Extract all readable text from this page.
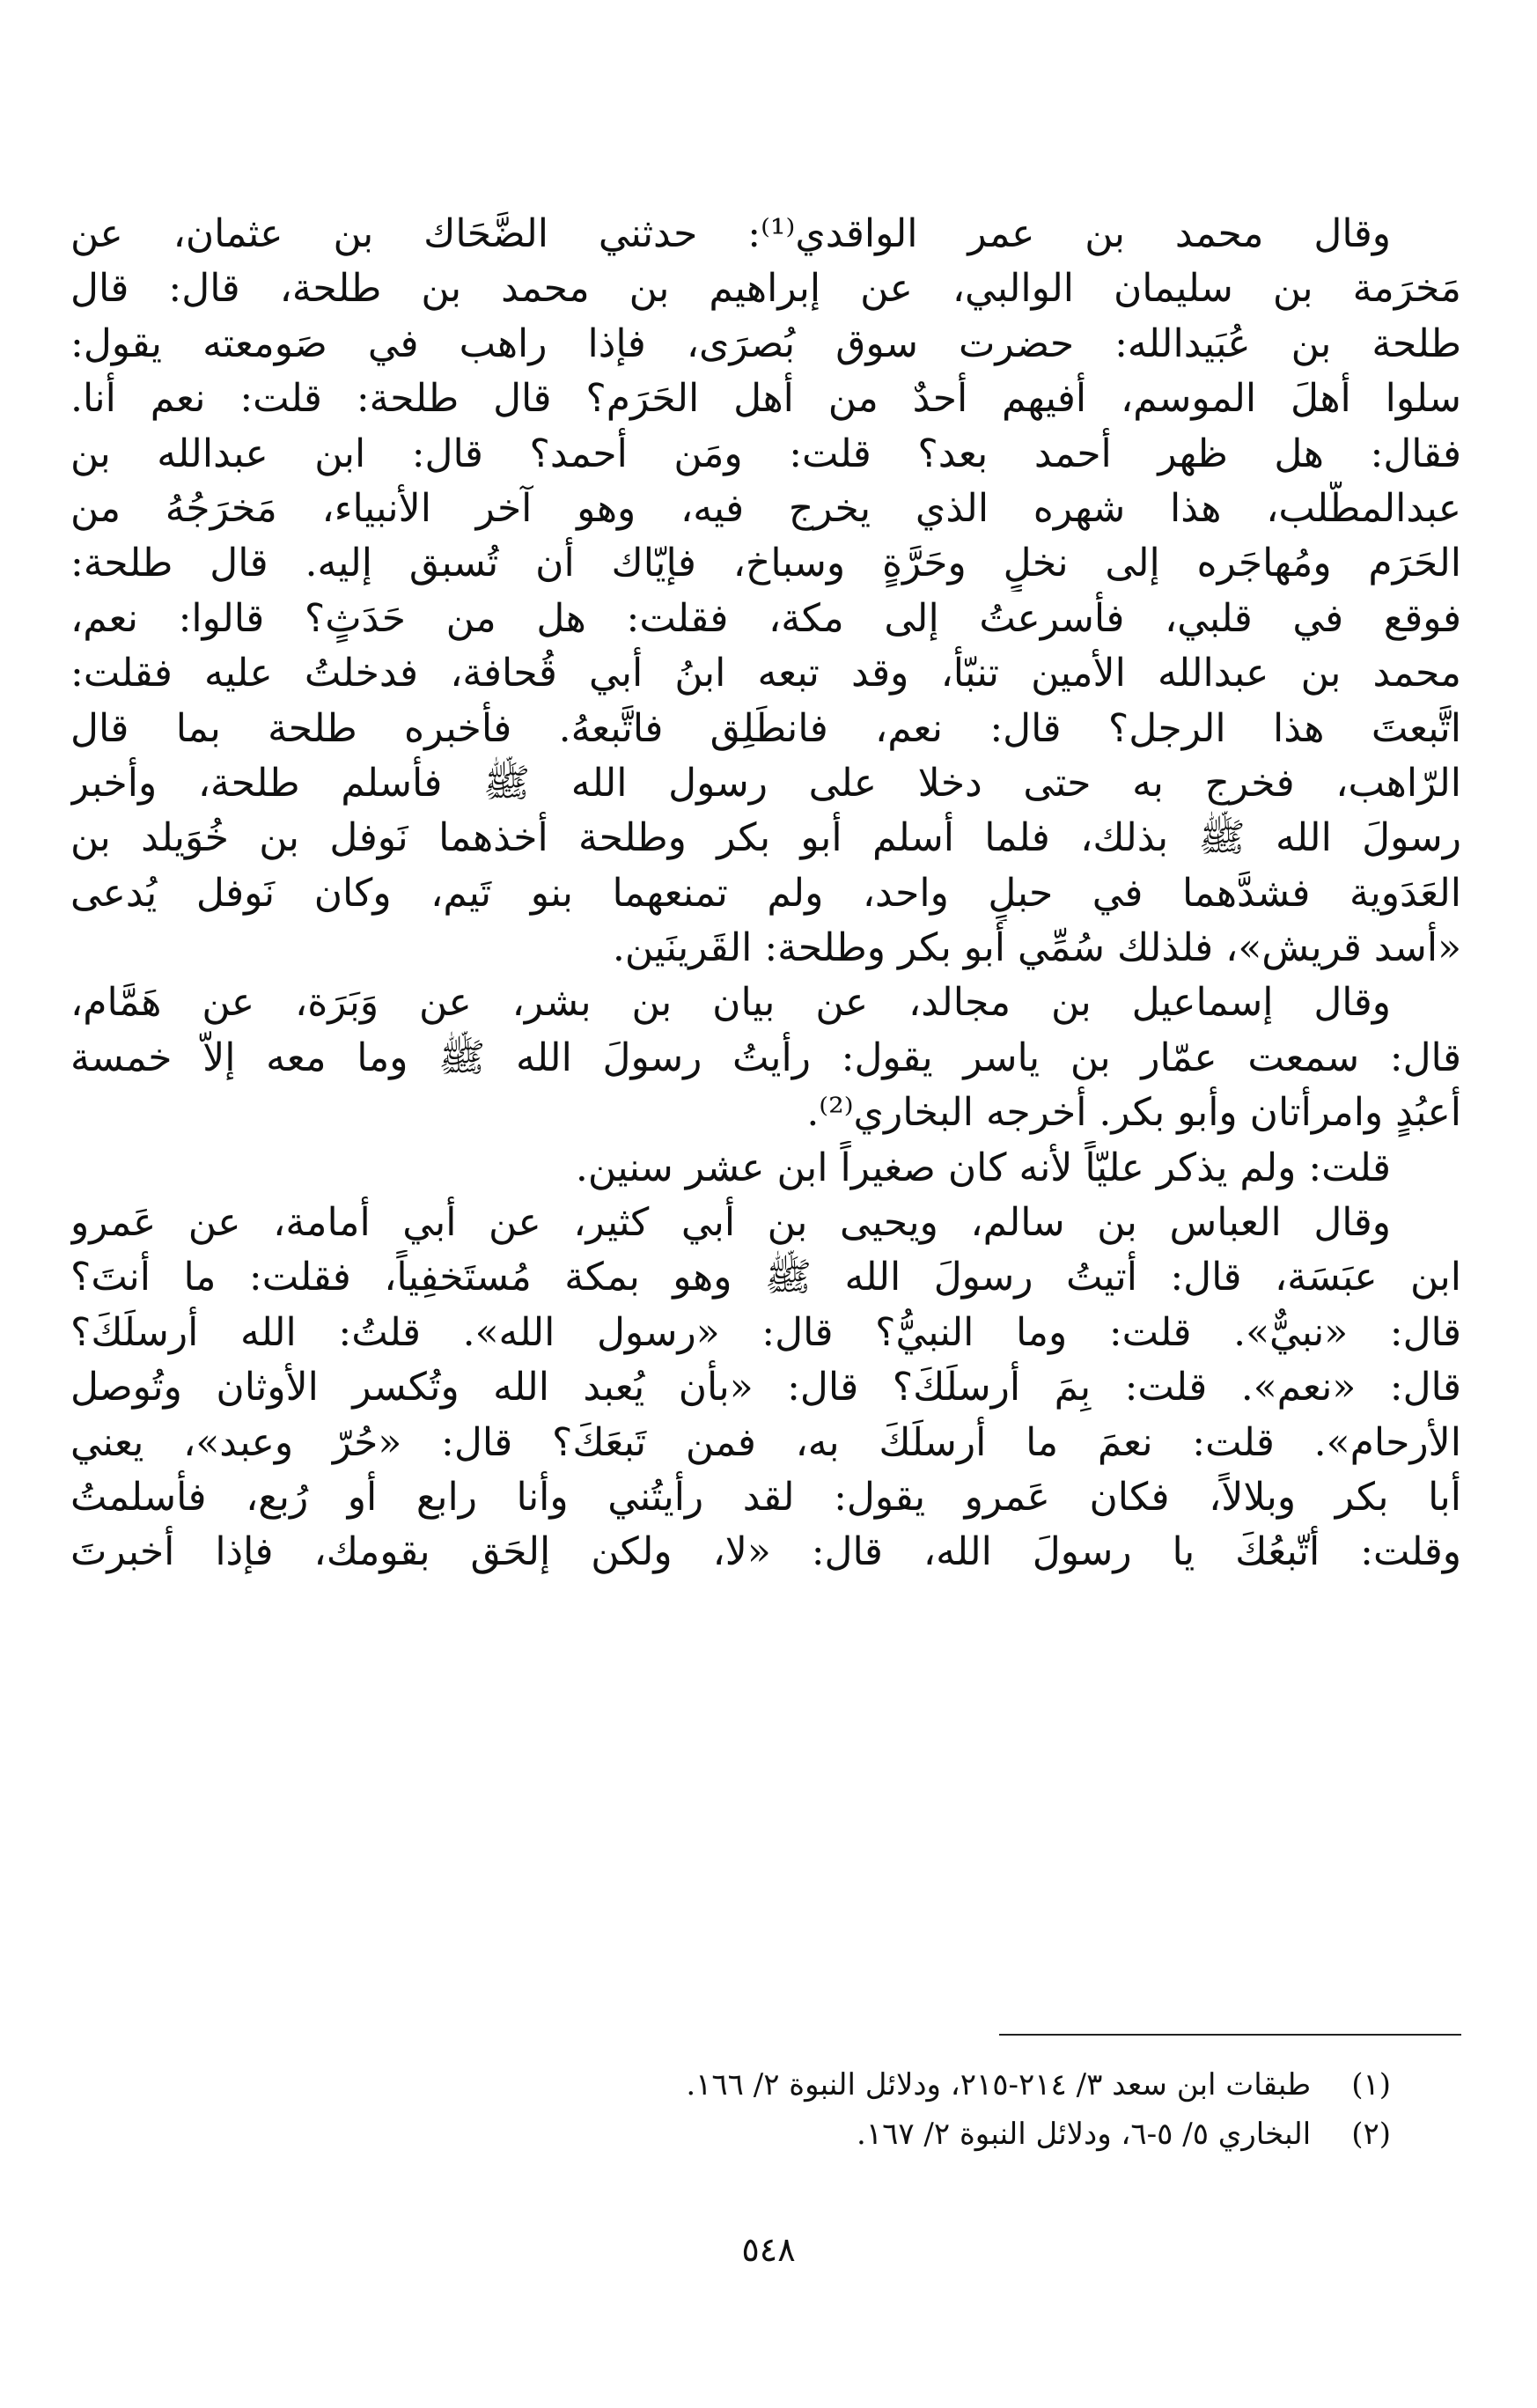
وقال محمد بن عمر الواقدي⁽¹⁾: حدثني الضَّحَاك بن عثمان، عن
مَخرَمة بن سليمان الوالبي، عن إبراهيم بن محمد بن طلحة، قال: قال
طلحة بن عُبَيدالله: حضرت سوق بُصرَى، فإذا راهب في صَومعته يقول:
سلوا أهلَ الموسم، أفيهم أحدٌ من أهل الحَرَم؟ قال طلحة: قلت: نعم أنا.
فقال: هل ظهر أحمد بعد؟ قلت: ومَن أحمد؟ قال: ابن عبدالله بن
عبدالمطَّلب، هذا شهره الذي يخرج فيه، وهو آخر الأنبياء، مَخرَجُهُ من
الحَرَم ومُهاجَره إلى نخلٍ وحَرَّةٍ وسباخ، فإيّاك أن تُسبق إليه. قال طلحة:
فوقع في قلبي، فأسرعتُ إلى مكة، فقلت: هل من حَدَثٍ؟ قالوا: نعم،
محمد بن عبدالله الأمين تنبّأ، وقد تبعه ابنُ أبي قُحافة، فدخلتُ عليه فقلت:
اتَّبعتَ هذا الرجل؟ قال: نعم، فانطَلِق فاتَّبعهُ. فأخبره طلحة بما قال
الرّاهب، فخرج به حتى دخلا على رسول الله ﷺ فأسلم طلحة، وأخبر
رسولَ الله ﷺ بذلك، فلما أسلم أبو بكر وطلحة أخذهما نَوفل بن خُوَيلد بن
العَدَوية فشدَّهما في حبلٍ واحد، ولم تمنعهما بنو تَيم، وكان نَوفل يُدعى
«أسد قريش»، فلذلك سُمِّي أبو بكر وطلحة: القَرينَين.
وقال إسماعيل بن مجالد، عن بيان بن بشر، عن وَبَرَة، عن هَمَّام،
قال: سمعت عمّار بن ياسر يقول: رأيتُ رسولَ الله ﷺ وما معه إلاّ خمسة
أعبُدٍ وامرأتان وأبو بكر. أخرجه البخاري⁽²⁾.
قلت: ولم يذكر عليّاً لأنه كان صغيراً ابن عشر سنين.
وقال العباس بن سالم، ويحيى بن أبي كثير، عن أبي أمامة، عن عَمرو
ابن عبَسَة، قال: أتيتُ رسولَ الله ﷺ وهو بمكة مُستَخفِياً، فقلت: ما أنتَ؟
قال: «نبيٌّ». قلت: وما النبيُّ؟ قال: «رسول الله». قلتُ: الله أرسلَكَ؟
قال: «نعم». قلت: بِمَ أرسلَكَ؟ قال: «بأن يُعبد الله وتُكسر الأوثان وتُوصل
الأرحام». قلت: نعمَ ما أرسلَكَ به، فمن تَبعَكَ؟ قال: «حُرّ وعبد»، يعني
أبا بكر وبلالاً، فكان عَمرو يقول: لقد رأيتُني وأنا رابع أو رُبع، فأسلمتُ
وقلت: أتّبعُكَ يا رسولَ الله، قال: «لا، ولكن إلحَق بقومك، فإذا أُخبرتَ
(١) طبقات ابن سعد ٣/ ٢١٤-٢١٥، ودلائل النبوة ٢/ ١٦٦.
(٢) البخاري ٥/ ٥-٦، ودلائل النبوة ٢/ ١٦٧.
٥٤٨
